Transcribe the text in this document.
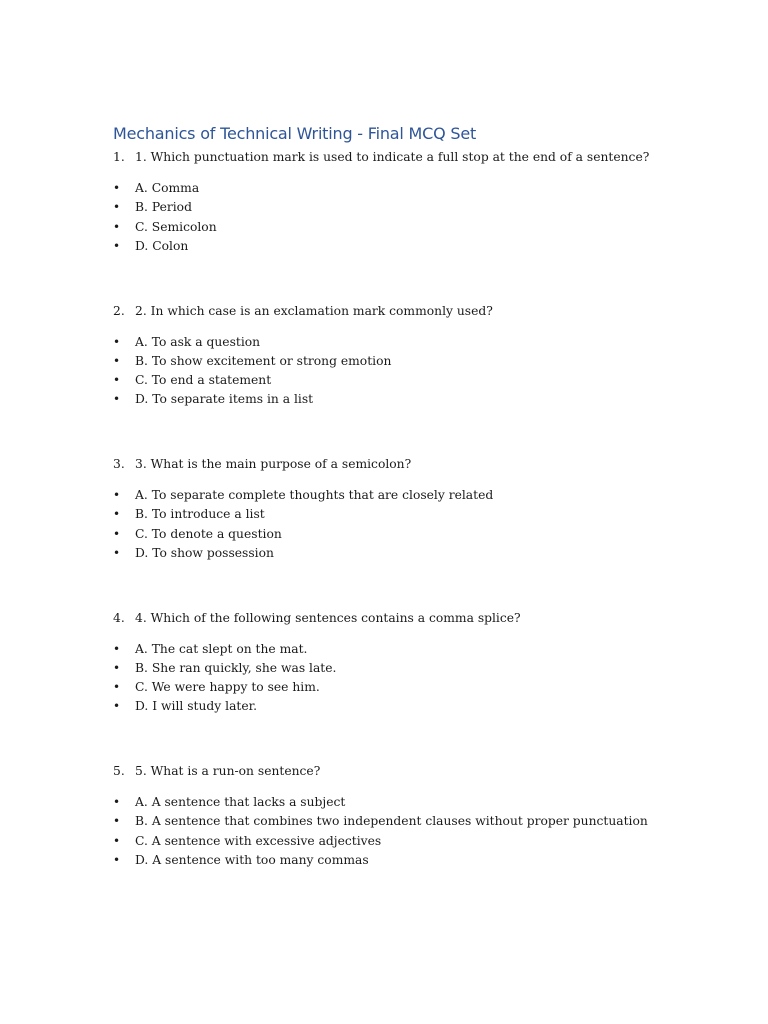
Mechanics of Technical Writing - Final MCQ Set
1. 1. Which punctuation mark is used to indicate a full stop at the end of a sentence?
• A. Comma
• B. Period
• C. Semicolon
• D. Colon
2. 2. In which case is an exclamation mark commonly used?
• A. To ask a question
• B. To show excitement or strong emotion
• C. To end a statement
• D. To separate items in a list
3. 3. What is the main purpose of a semicolon?
• A. To separate complete thoughts that are closely related
• B. To introduce a list
• C. To denote a question
• D. To show possession
4. 4. Which of the following sentences contains a comma splice?
• A. The cat slept on the mat.
• B. She ran quickly, she was late.
• C. We were happy to see him.
• D. I will study later.
5. 5. What is a run-on sentence?
• A. A sentence that lacks a subject
• B. A sentence that combines two independent clauses without proper punctuation
• C. A sentence with excessive adjectives
• D. A sentence with too many commas
